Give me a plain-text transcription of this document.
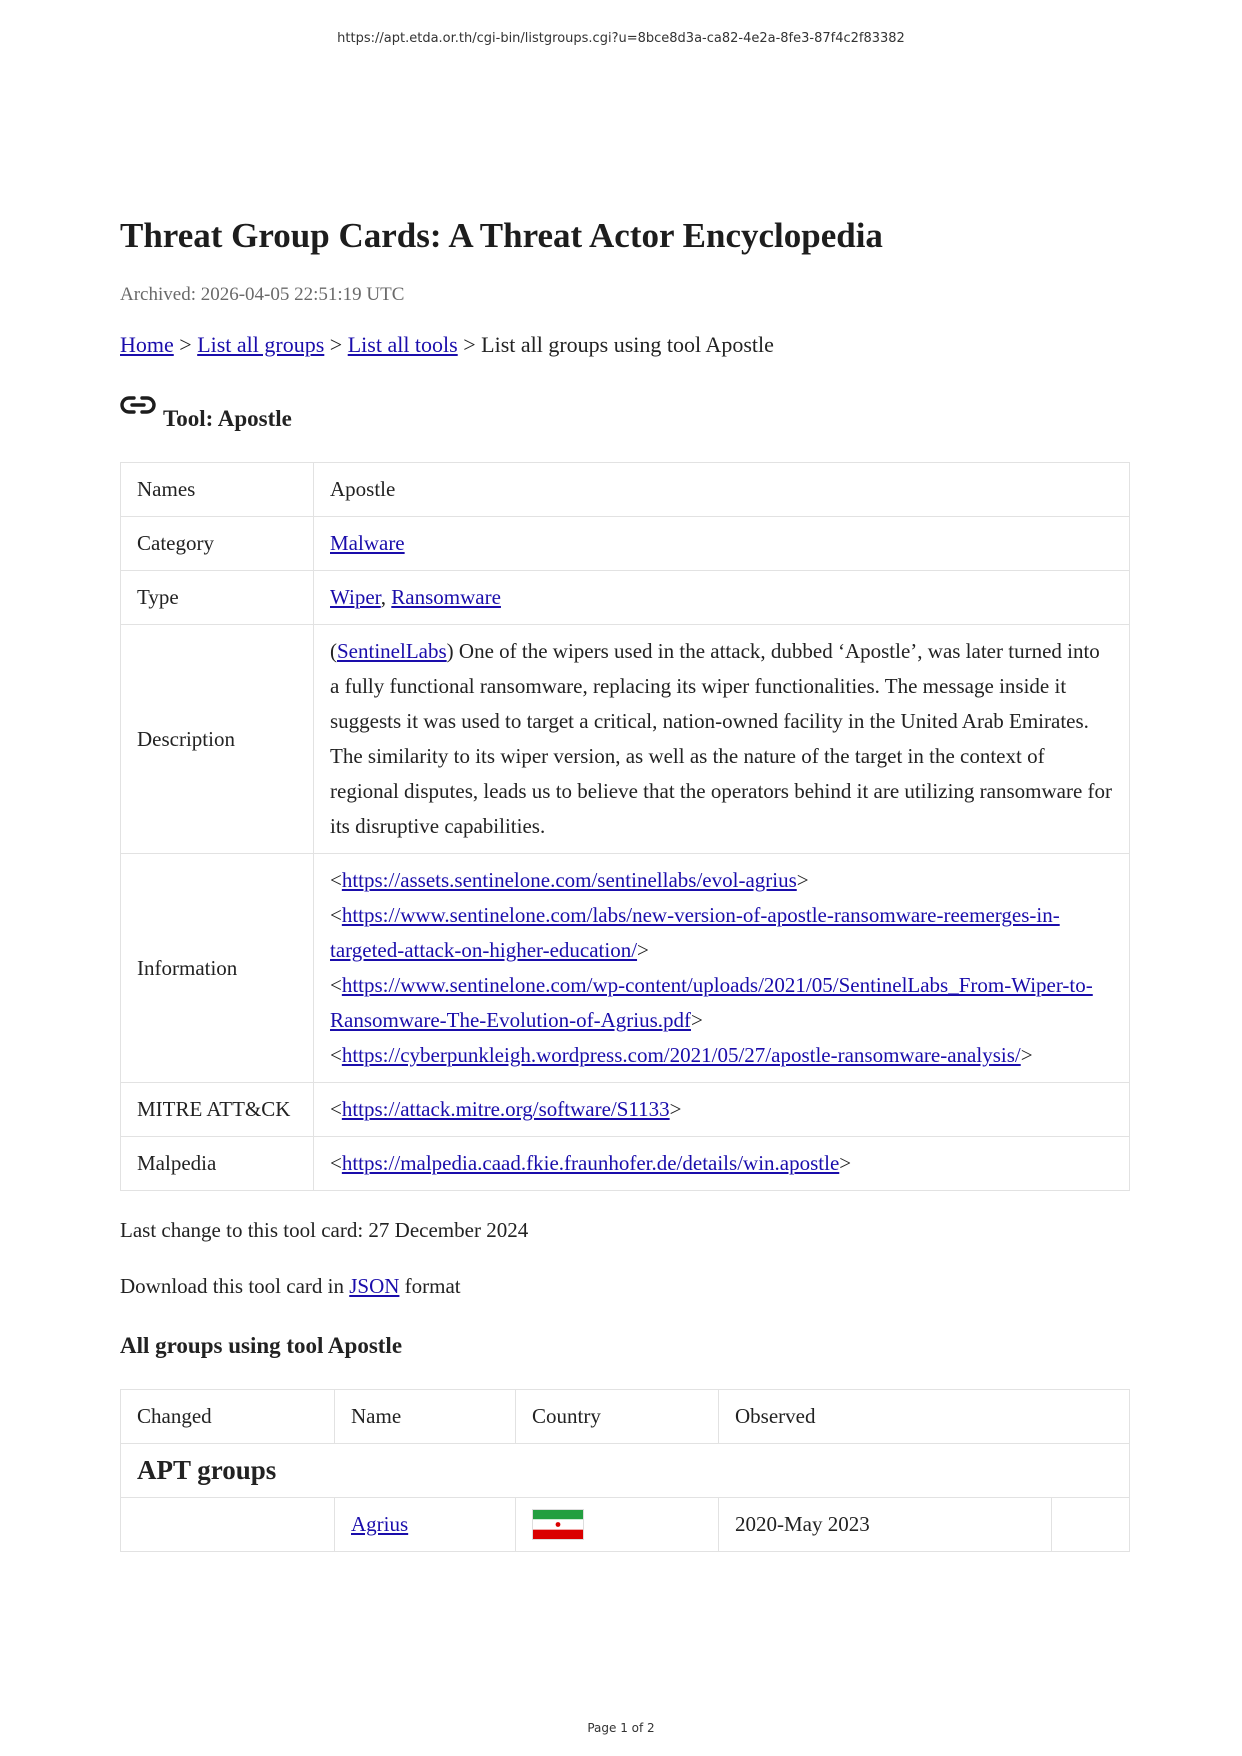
https://apt.etda.or.th/cgi-bin/listgroups.cgi?u=8bce8d3a-ca82-4e2a-8fe3-87f4c2f83382
Threat Group Cards: A Threat Actor Encyclopedia
Archived: 2026-04-05 22:51:19 UTC
Home > List all groups > List all tools > List all groups using tool Apostle
Tool: Apostle
Names	Apostle
Category	Malware
Type	Wiper, Ransomware
Description	(SentinelLabs) One of the wipers used in the attack, dubbed ‘Apostle’, was later turned into a fully functional ransomware, replacing its wiper functionalities. The message inside it suggests it was used to target a critical, nation-owned facility in the United Arab Emirates. The similarity to its wiper version, as well as the nature of the target in the context of regional disputes, leads us to believe that the operators behind it are utilizing ransomware for its disruptive capabilities.
Information	<https://assets.sentinelone.com/sentinellabs/evol-agrius>
<https://www.sentinelone.com/labs/new-version-of-apostle-ransomware-reemerges-in-targeted-attack-on-higher-education/>
<https://www.sentinelone.com/wp-content/uploads/2021/05/SentinelLabs_From-Wiper-to-Ransomware-The-Evolution-of-Agrius.pdf>
<https://cyberpunkleigh.wordpress.com/2021/05/27/apostle-ransomware-analysis/>
MITRE ATT&CK	<https://attack.mitre.org/software/S1133>
Malpedia	<https://malpedia.caad.fkie.fraunhofer.de/details/win.apostle>
Last change to this tool card: 27 December 2024
Download this tool card in JSON format
All groups using tool Apostle
Changed	Name	Country	Observed	
APT groups				
	Agrius		2020-May 2023	
Page 1 of 2
